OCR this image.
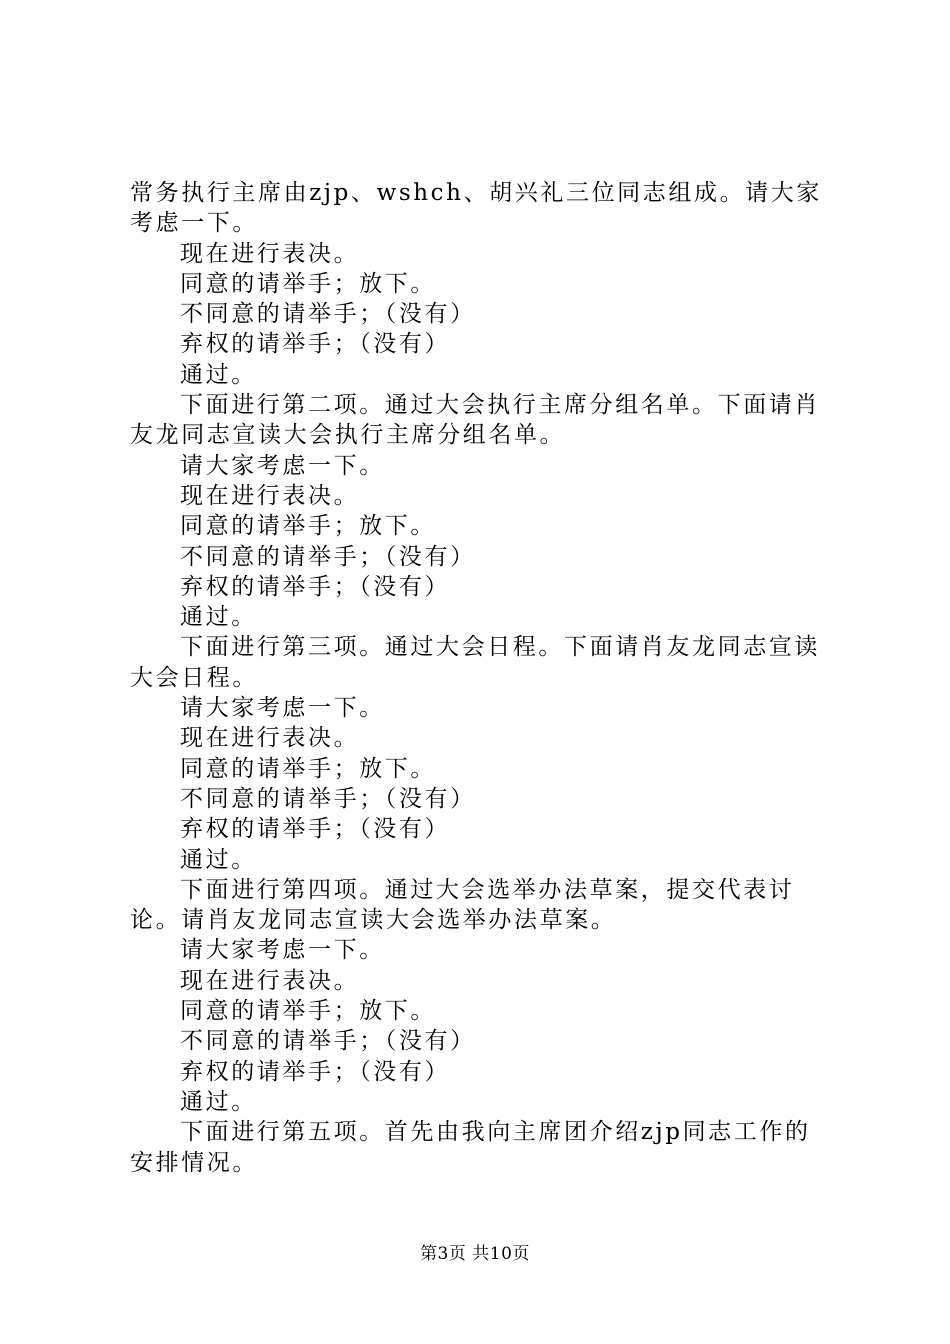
常务执行主席由zjp、wshch、胡兴礼三位同志组成。请大家考虑一下。

现在进行表决。

同意的请举手；放下。

不同意的请举手；（没有）

弃权的请举手；（没有）

通过。

下面进行第二项。通过大会执行主席分组名单。下面请肖友龙同志宣读大会执行主席分组名单。

请大家考虑一下。

现在进行表决。

同意的请举手；放下。

不同意的请举手；（没有）

弃权的请举手；（没有）

通过。

下面进行第三项。通过大会日程。下面请肖友龙同志宣读大会日程。

请大家考虑一下。

现在进行表决。

同意的请举手；放下。

不同意的请举手；（没有）

弃权的请举手；（没有）

通过。

下面进行第四项。通过大会选举办法草案，提交代表讨论。请肖友龙同志宣读大会选举办法草案。

请大家考虑一下。

现在进行表决。

同意的请举手；放下。

不同意的请举手；（没有）

弃权的请举手；（没有）

通过。

下面进行第五项。首先由我向主席团介绍zjp同志工作的安排情况。

第3页 共10页
